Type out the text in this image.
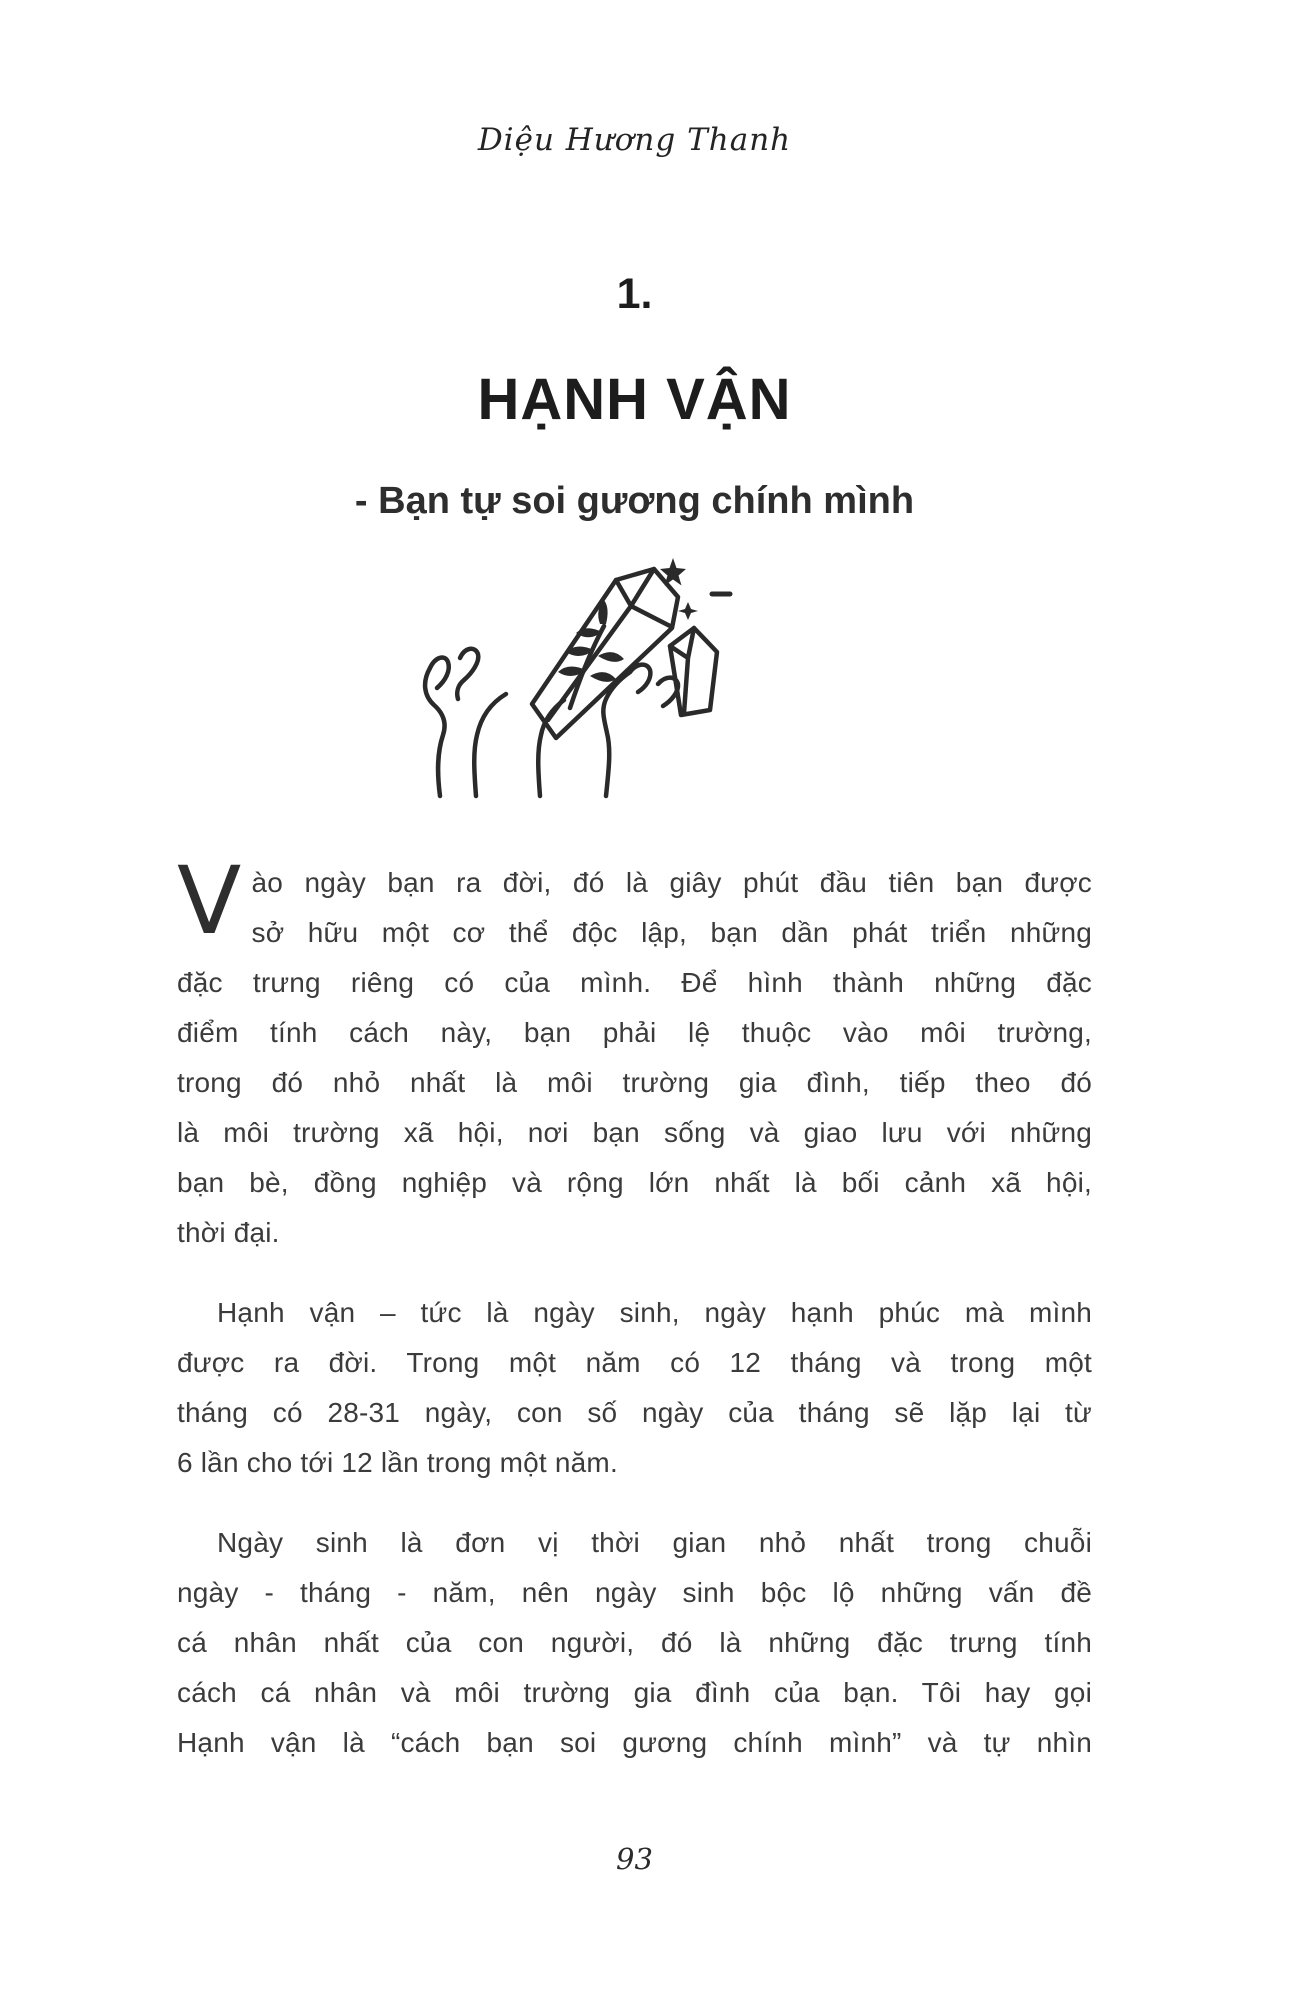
Diệu Hương Thanh
1.
HẠNH VẬN
- Bạn tự soi gương chính mình
V ào ngày bạn ra đời, đó là giây phút đầu tiên bạn được
sở hữu một cơ thể độc lập, bạn dần phát triển những
đặc trưng riêng có của mình. Để hình thành những đặc
điểm tính cách này, bạn phải lệ thuộc vào môi trường,
trong đó nhỏ nhất là môi trường gia đình, tiếp theo đó
là môi trường xã hội, nơi bạn sống và giao lưu với những
bạn bè, đồng nghiệp và rộng lớn nhất là bối cảnh xã hội,
thời đại.
Hạnh vận – tức là ngày sinh, ngày hạnh phúc mà mình
được ra đời. Trong một năm có 12 tháng và trong một
tháng có 28-31 ngày, con số ngày của tháng sẽ lặp lại từ
6 lần cho tới 12 lần trong một năm.
Ngày sinh là đơn vị thời gian nhỏ nhất trong chuỗi
ngày - tháng - năm, nên ngày sinh bộc lộ những vấn đề
cá nhân nhất của con người, đó là những đặc trưng tính
cách cá nhân và môi trường gia đình của bạn. Tôi hay gọi
Hạnh vận là “cách bạn soi gương chính mình” và tự nhìn
93
